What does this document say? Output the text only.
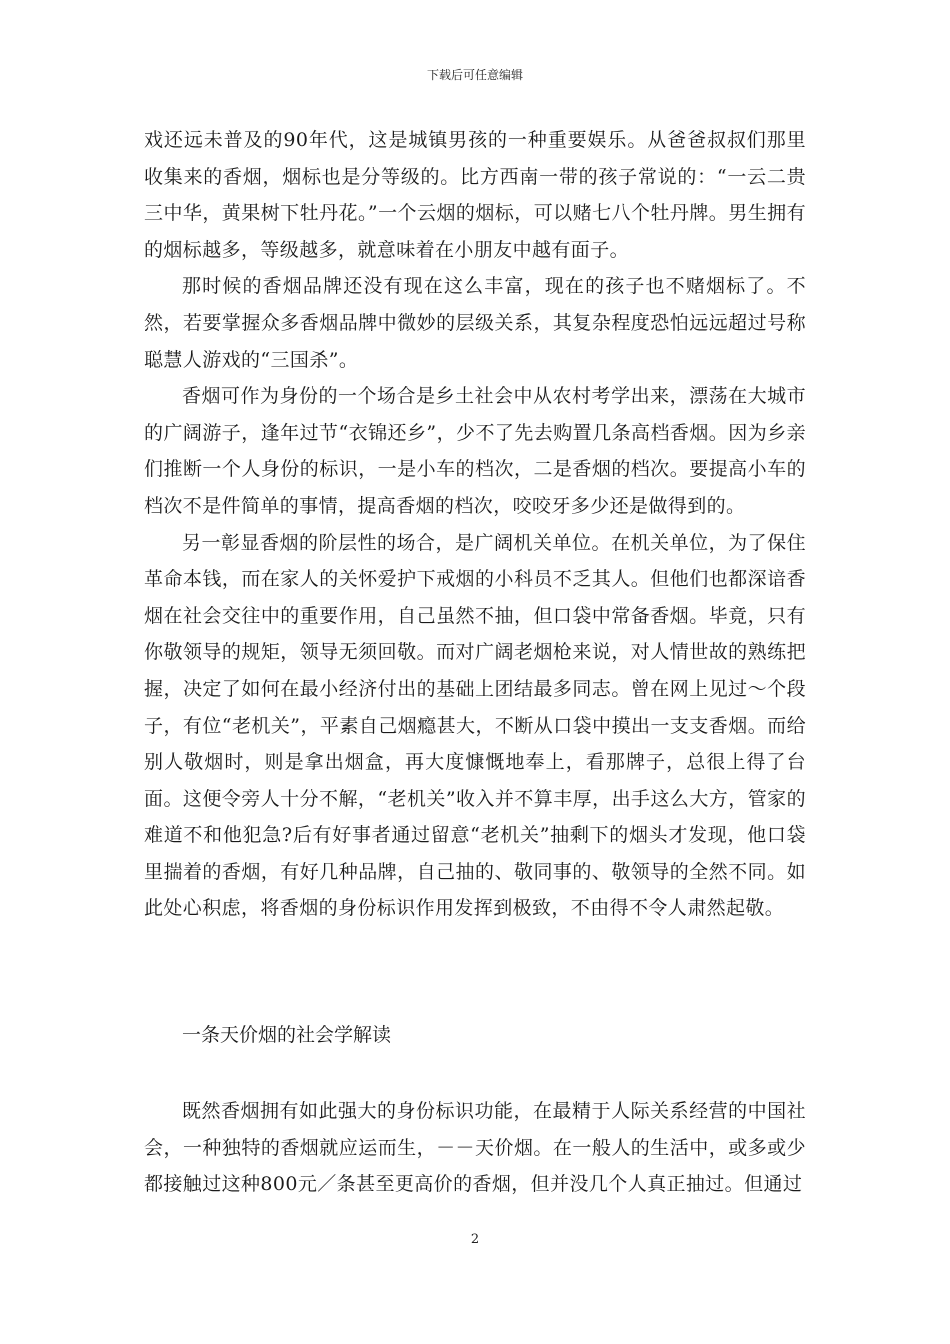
下载后可任意编辑

戏还远未普及的90年代，这是城镇男孩的一种重要娱乐。从爸爸叔叔们那里收集来的香烟，烟标也是分等级的。比方西南一带的孩子常说的：“一云二贵三中华，黄果树下牡丹花。”一个云烟的烟标，可以赌七八个牡丹牌。男生拥有的烟标越多，等级越多，就意味着在小朋友中越有面子。

那时候的香烟品牌还没有现在这么丰富，现在的孩子也不赌烟标了。不然，若要掌握众多香烟品牌中微妙的层级关系，其复杂程度恐怕远远超过号称聪慧人游戏的“三国杀”。

香烟可作为身份的一个场合是乡土社会中从农村考学出来，漂荡在大城市的广阔游子，逢年过节“衣锦还乡”，少不了先去购置几条高档香烟。因为乡亲们推断一个人身份的标识，一是小车的档次，二是香烟的档次。要提高小车的档次不是件简单的事情，提高香烟的档次，咬咬牙多少还是做得到的。

另一彰显香烟的阶层性的场合，是广阔机关单位。在机关单位，为了保住革命本钱，而在家人的关怀爱护下戒烟的小科员不乏其人。但他们也都深谙香烟在社会交往中的重要作用，自己虽然不抽，但口袋中常备香烟。毕竟，只有你敬领导的规矩，领导无须回敬。而对广阔老烟枪来说，对人情世故的熟练把握，决定了如何在最小经济付出的基础上团结最多同志。曾在网上见过～个段子，有位“老机关”，平素自己烟瘾甚大，不断从口袋中摸出一支支香烟。而给别人敬烟时，则是拿出烟盒，再大度慷慨地奉上，看那牌子，总很上得了台面。这便令旁人十分不解，“老机关”收入并不算丰厚，出手这么大方，管家的难道不和他犯急?后有好事者通过留意“老机关”抽剩下的烟头才发现，他口袋里揣着的香烟，有好几种品牌，自己抽的、敬同事的、敬领导的全然不同。如此处心积虑，将香烟的身份标识作用发挥到极致，不由得不令人肃然起敬。

一条天价烟的社会学解读

既然香烟拥有如此强大的身份标识功能，在最精于人际关系经营的中国社会，一种独特的香烟就应运而生，－－天价烟。在一般人的生活中，或多或少都接触过这种800元／条甚至更高价的香烟，但并没几个人真正抽过。但通过

2
